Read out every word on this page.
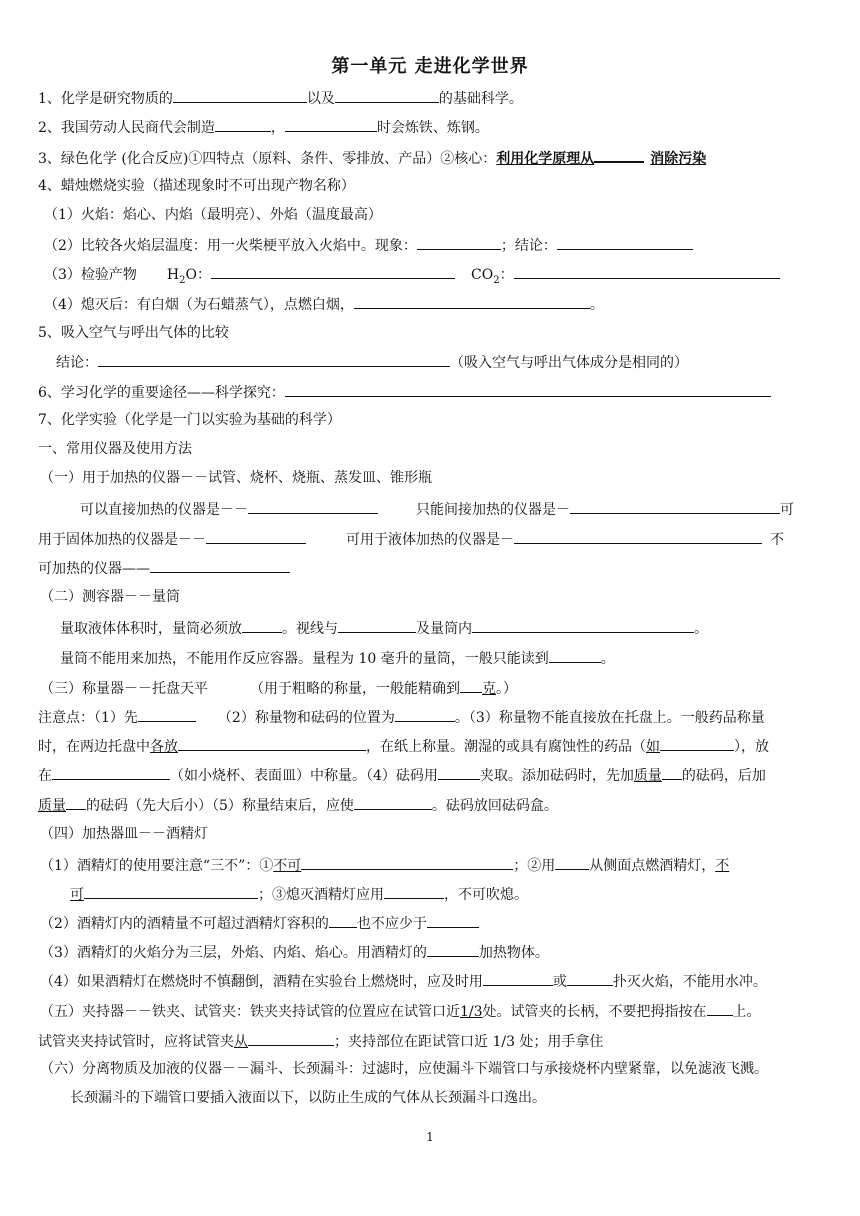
第一单元 走进化学世界
1、化学是研究物质的	以及	的基础科学。
2、我国劳动人民商代会制造	，	时会炼铁、炼钢。
3、绿色化学 (化合反应)①四特点（原料、条件、零排放、产品）②核心：利用化学原理从	消除污染
4、蜡烛燃烧实验（描述现象时不可出现产物名称）
（1）火焰：焰心、内焰（最明亮）、外焰（温度最高）
（2）比较各火焰层温度：用一火柴梗平放入火焰中。现象：	；结论：
（3）检验产物 $H_2O$：	$CO_2$：
（4）熄灭后：有白烟（为石蜡蒸气），点燃白烟，	。
5、吸入空气与呼出气体的比较
结论：	（吸入空气与呼出气体成分是相同的）
6、学习化学的重要途径——科学探究：
7、化学实验（化学是一门以实验为基础的科学）
一、常用仪器及使用方法
（一）用于加热的仪器－－试管、烧杯、烧瓶、蒸发皿、锥形瓶
可以直接加热的仪器是－－	只能间接加热的仪器是－	可
用于固体加热的仪器是－－	可用于液体加热的仪器是－	不
可加热的仪器——
（二）测容器－－量筒
量取液体体积时，量筒必须放	。视线与	及量筒内	。
量筒不能用来加热，不能用作反应容器。量程为 10 毫升的量筒，一般只能读到	。
（三）称量器－－托盘天平	（用于粗略的称量，一般能精确到 克。）
注意点：（1）先	（2）称量物和砝码的位置为	。（3）称量物不能直接放在托盘上。一般药品称量
时，在两边托盘中各放	，在纸上称量。潮湿的或具有腐蚀性的药品（如	），放
在	（如小烧杯、表面皿）中称量。（4）砝码用	夹取。添加砝码时，先加质量 的砝码，后加
质量 的砝码（先大后小）（5）称量结束后，应使	。砝码放回砝码盒。
（四）加热器皿－－酒精灯
（1）酒精灯的使用要注意“三不”：①不可	；②用 从侧面点燃酒精灯，不
可	；③熄灭酒精灯应用	，不可吹熄。
（2）酒精灯内的酒精量不可超过酒精灯容积的 也不应少于
（3）酒精灯的火焰分为三层，外焰、内焰、焰心。用酒精灯的	加热物体。
（4）如果酒精灯在燃烧时不慎翻倒，酒精在实验台上燃烧时，应及时用	或	扑灭火焰，不能用水冲。
（五）夹持器－－铁夹、试管夹：铁夹夹持试管的位置应在试管口近1/3处。试管夹的长柄，不要把拇指按在 上。
试管夹夹持试管时，应将试管夹从	；夹持部位在距试管口近 1/3 处；用手拿住
（六）分离物质及加液的仪器－－漏斗、长颈漏斗：过滤时，应使漏斗下端管口与承接烧杯内壁紧靠，以免滤液飞溅。
长颈漏斗的下端管口要插入液面以下，以防止生成的气体从长颈漏斗口逸出。
1
